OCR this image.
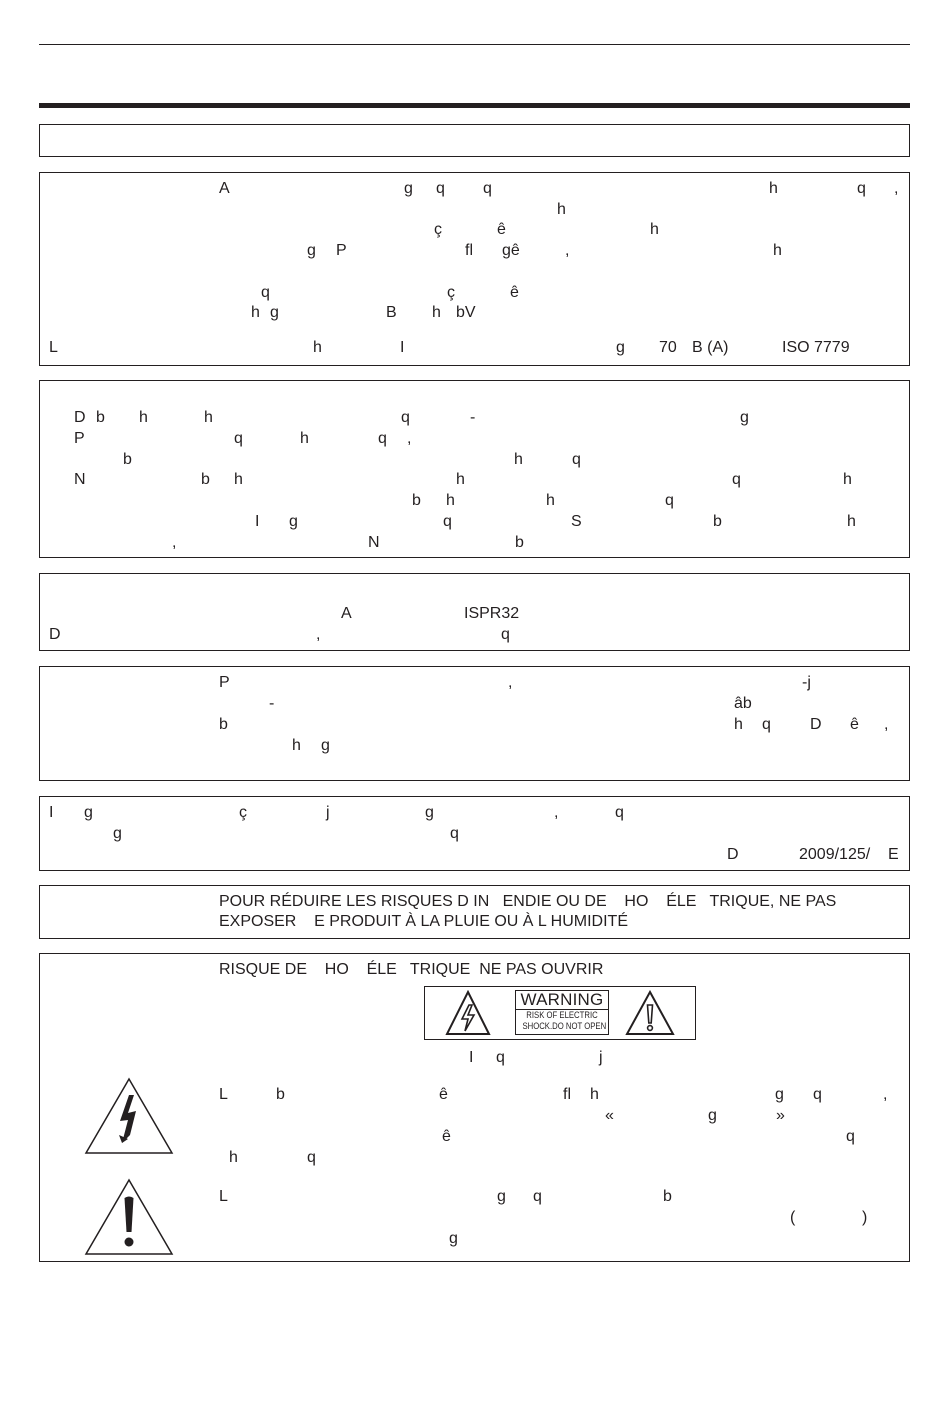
A	g q q	h	q ,
h
ç	ê	h
g P	fl gê	,	h
q	ç	ê
h g	B h bV
L	h	I	g 70 B (A)	ISO 7779
D b h	h	q	-	g
P	q	h	q ,
b	h	q
N	b h	h	q	h
b h	h	q
I g	q	S	b	h
,	N	b
A	ISPR32
D	,	q
P	,	-j
-	âb
b	h q D ê ,
h g
I g	ç	j	g	,	q
g	q
D	2009/125/ E
POUR RÉDUIRE LES RISQUES D IN   ENDIE OU DE    HO    ÉLE   TRIQUE, NE PAS
EXPOSER    E PRODUIT À LA PLUIE OU À L HUMIDITÉ
RISQUE DE    HO    ÉLE   TRIQUE  NE PAS OUVRIR
WARNING
RISK OF ELECTRIC
SHOCK.DO NOT OPEN
I q	j
L	b	ê	fl h	g q	,
«	g	»
ê	q
h	q
L	g q	b
(	)
g
